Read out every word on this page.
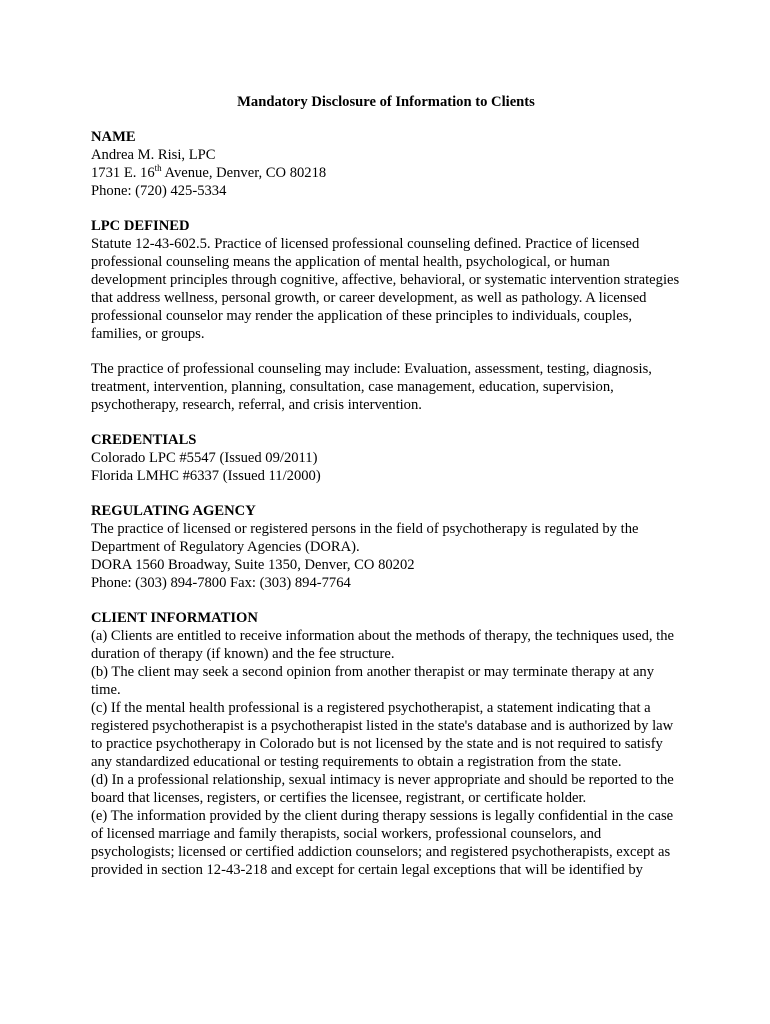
Mandatory Disclosure of Information to Clients
NAME
Andrea M. Risi, LPC
1731 E. 16th Avenue, Denver, CO 80218
Phone: (720) 425-5334
LPC DEFINED
Statute 12-43-602.5. Practice of licensed professional counseling defined. Practice of licensed professional counseling means the application of mental health, psychological, or human development principles through cognitive, affective, behavioral, or systematic intervention strategies that address wellness, personal growth, or career development, as well as pathology. A licensed professional counselor may render the application of these principles to individuals, couples, families, or groups.
The practice of professional counseling may include: Evaluation, assessment, testing, diagnosis, treatment, intervention, planning, consultation, case management, education, supervision, psychotherapy, research, referral, and crisis intervention.
CREDENTIALS
Colorado LPC #5547 (Issued 09/2011)
Florida LMHC #6337 (Issued 11/2000)
REGULATING AGENCY
The practice of licensed or registered persons in the field of psychotherapy is regulated by the Department of Regulatory Agencies (DORA).
DORA 1560 Broadway, Suite 1350, Denver, CO 80202
Phone: (303) 894-7800 Fax: (303) 894-7764
CLIENT INFORMATION
(a) Clients are entitled to receive information about the methods of therapy, the techniques used, the duration of therapy (if known) and the fee structure.
(b) The client may seek a second opinion from another therapist or may terminate therapy at any time.
(c) If the mental health professional is a registered psychotherapist, a statement indicating that a registered psychotherapist is a psychotherapist listed in the state's database and is authorized by law to practice psychotherapy in Colorado but is not licensed by the state and is not required to satisfy any standardized educational or testing requirements to obtain a registration from the state.
(d) In a professional relationship, sexual intimacy is never appropriate and should be reported to the board that licenses, registers, or certifies the licensee, registrant, or certificate holder.
(e) The information provided by the client during therapy sessions is legally confidential in the case of licensed marriage and family therapists, social workers, professional counselors, and psychologists; licensed or certified addiction counselors; and registered psychotherapists, except as provided in section 12-43-218 and except for certain legal exceptions that will be identified by
